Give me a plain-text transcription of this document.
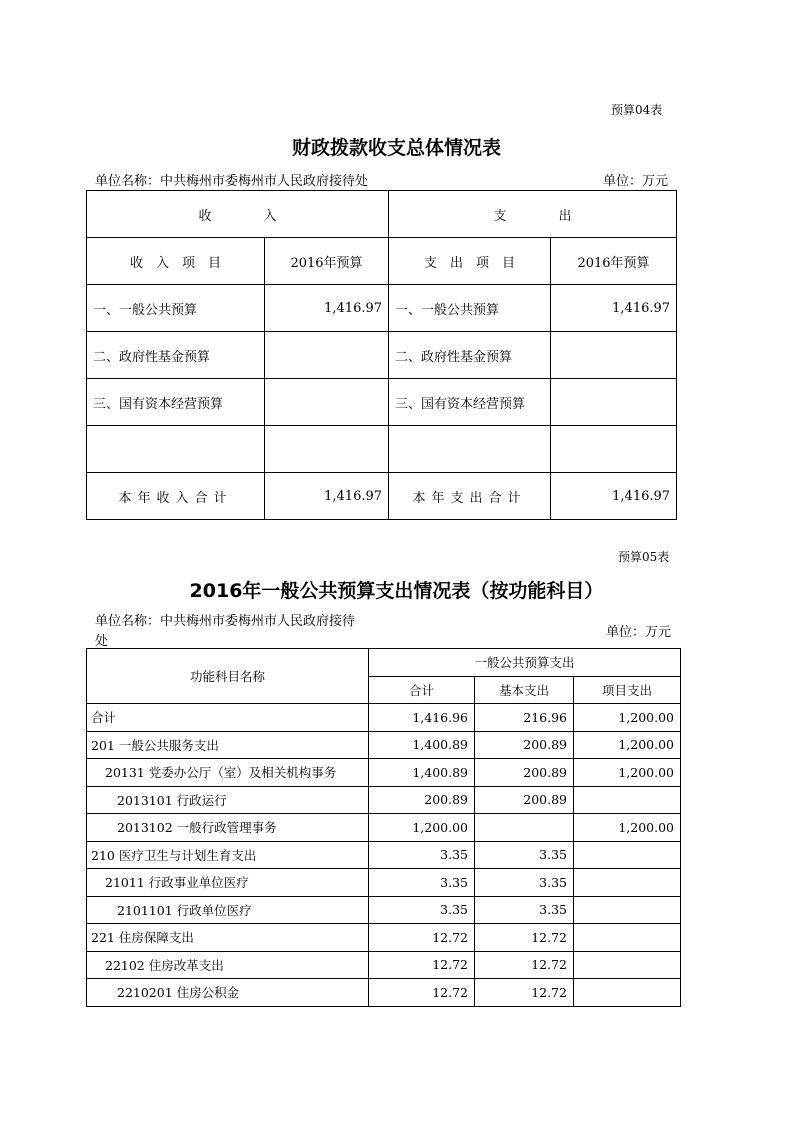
预算04表
财政拨款收支总体情况表
单位名称：中共梅州市委梅州市人民政府接待处	单位：万元
收　　　　入		支　　　　出	
收　入　项　目	2016年预算	支　出　项　目	2016年预算
一、一般公共预算	1,416.97	一、一般公共预算	1,416.97
二、政府性基金预算		二、政府性基金预算	
三、国有资本经营预算		三、国有资本经营预算	

本年收入合计	1,416.97	本年支出合计	1,416.97
预算05表
2016年一般公共预算支出情况表（按功能科目）
单位名称：中共梅州市委梅州市人民政府接待
处
单位：万元
功能科目名称	一般公共预算支出		
	合计	基本支出	项目支出
合计	1,416.96	216.96	1,200.00
201 一般公共服务支出	1,400.89	200.89	1,200.00
20131 党委办公厅（室）及相关机构事务	1,400.89	200.89	1,200.00
2013101 行政运行	200.89	200.89	
2013102 一般行政管理事务	1,200.00		1,200.00
210 医疗卫生与计划生育支出	3.35	3.35	
21011 行政事业单位医疗	3.35	3.35	
2101101 行政单位医疗	3.35	3.35	
221 住房保障支出	12.72	12.72	
22102 住房改革支出	12.72	12.72	
2210201 住房公积金	12.72	12.72	
